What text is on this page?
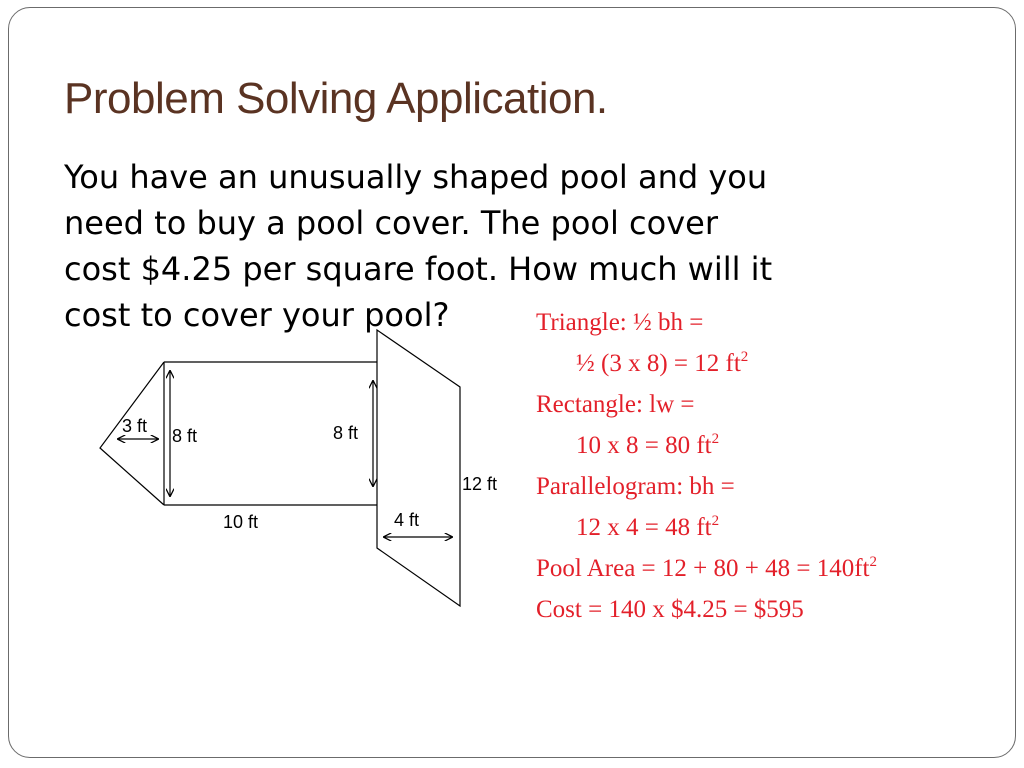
Problem Solving Application.
You have an unusually shaped pool and you
need to buy a pool cover. The pool cover
cost $4.25 per square foot. How much will it
cost to cover your pool?
3 ft 8 ft	8 ft
12 ft
10 ft	4 ft
Triangle: ½ bh =
½ (3 x 8) = 12 $ft^2$
Rectangle: lw =
10 x 8 = 80 $ft^2$
Parallelogram: bh =
12 x 4 = 48 $ft^2$
Pool Area = $12 + 80 + 48 = 140ft^2$
Cost = 140 x $4.25 = $595
